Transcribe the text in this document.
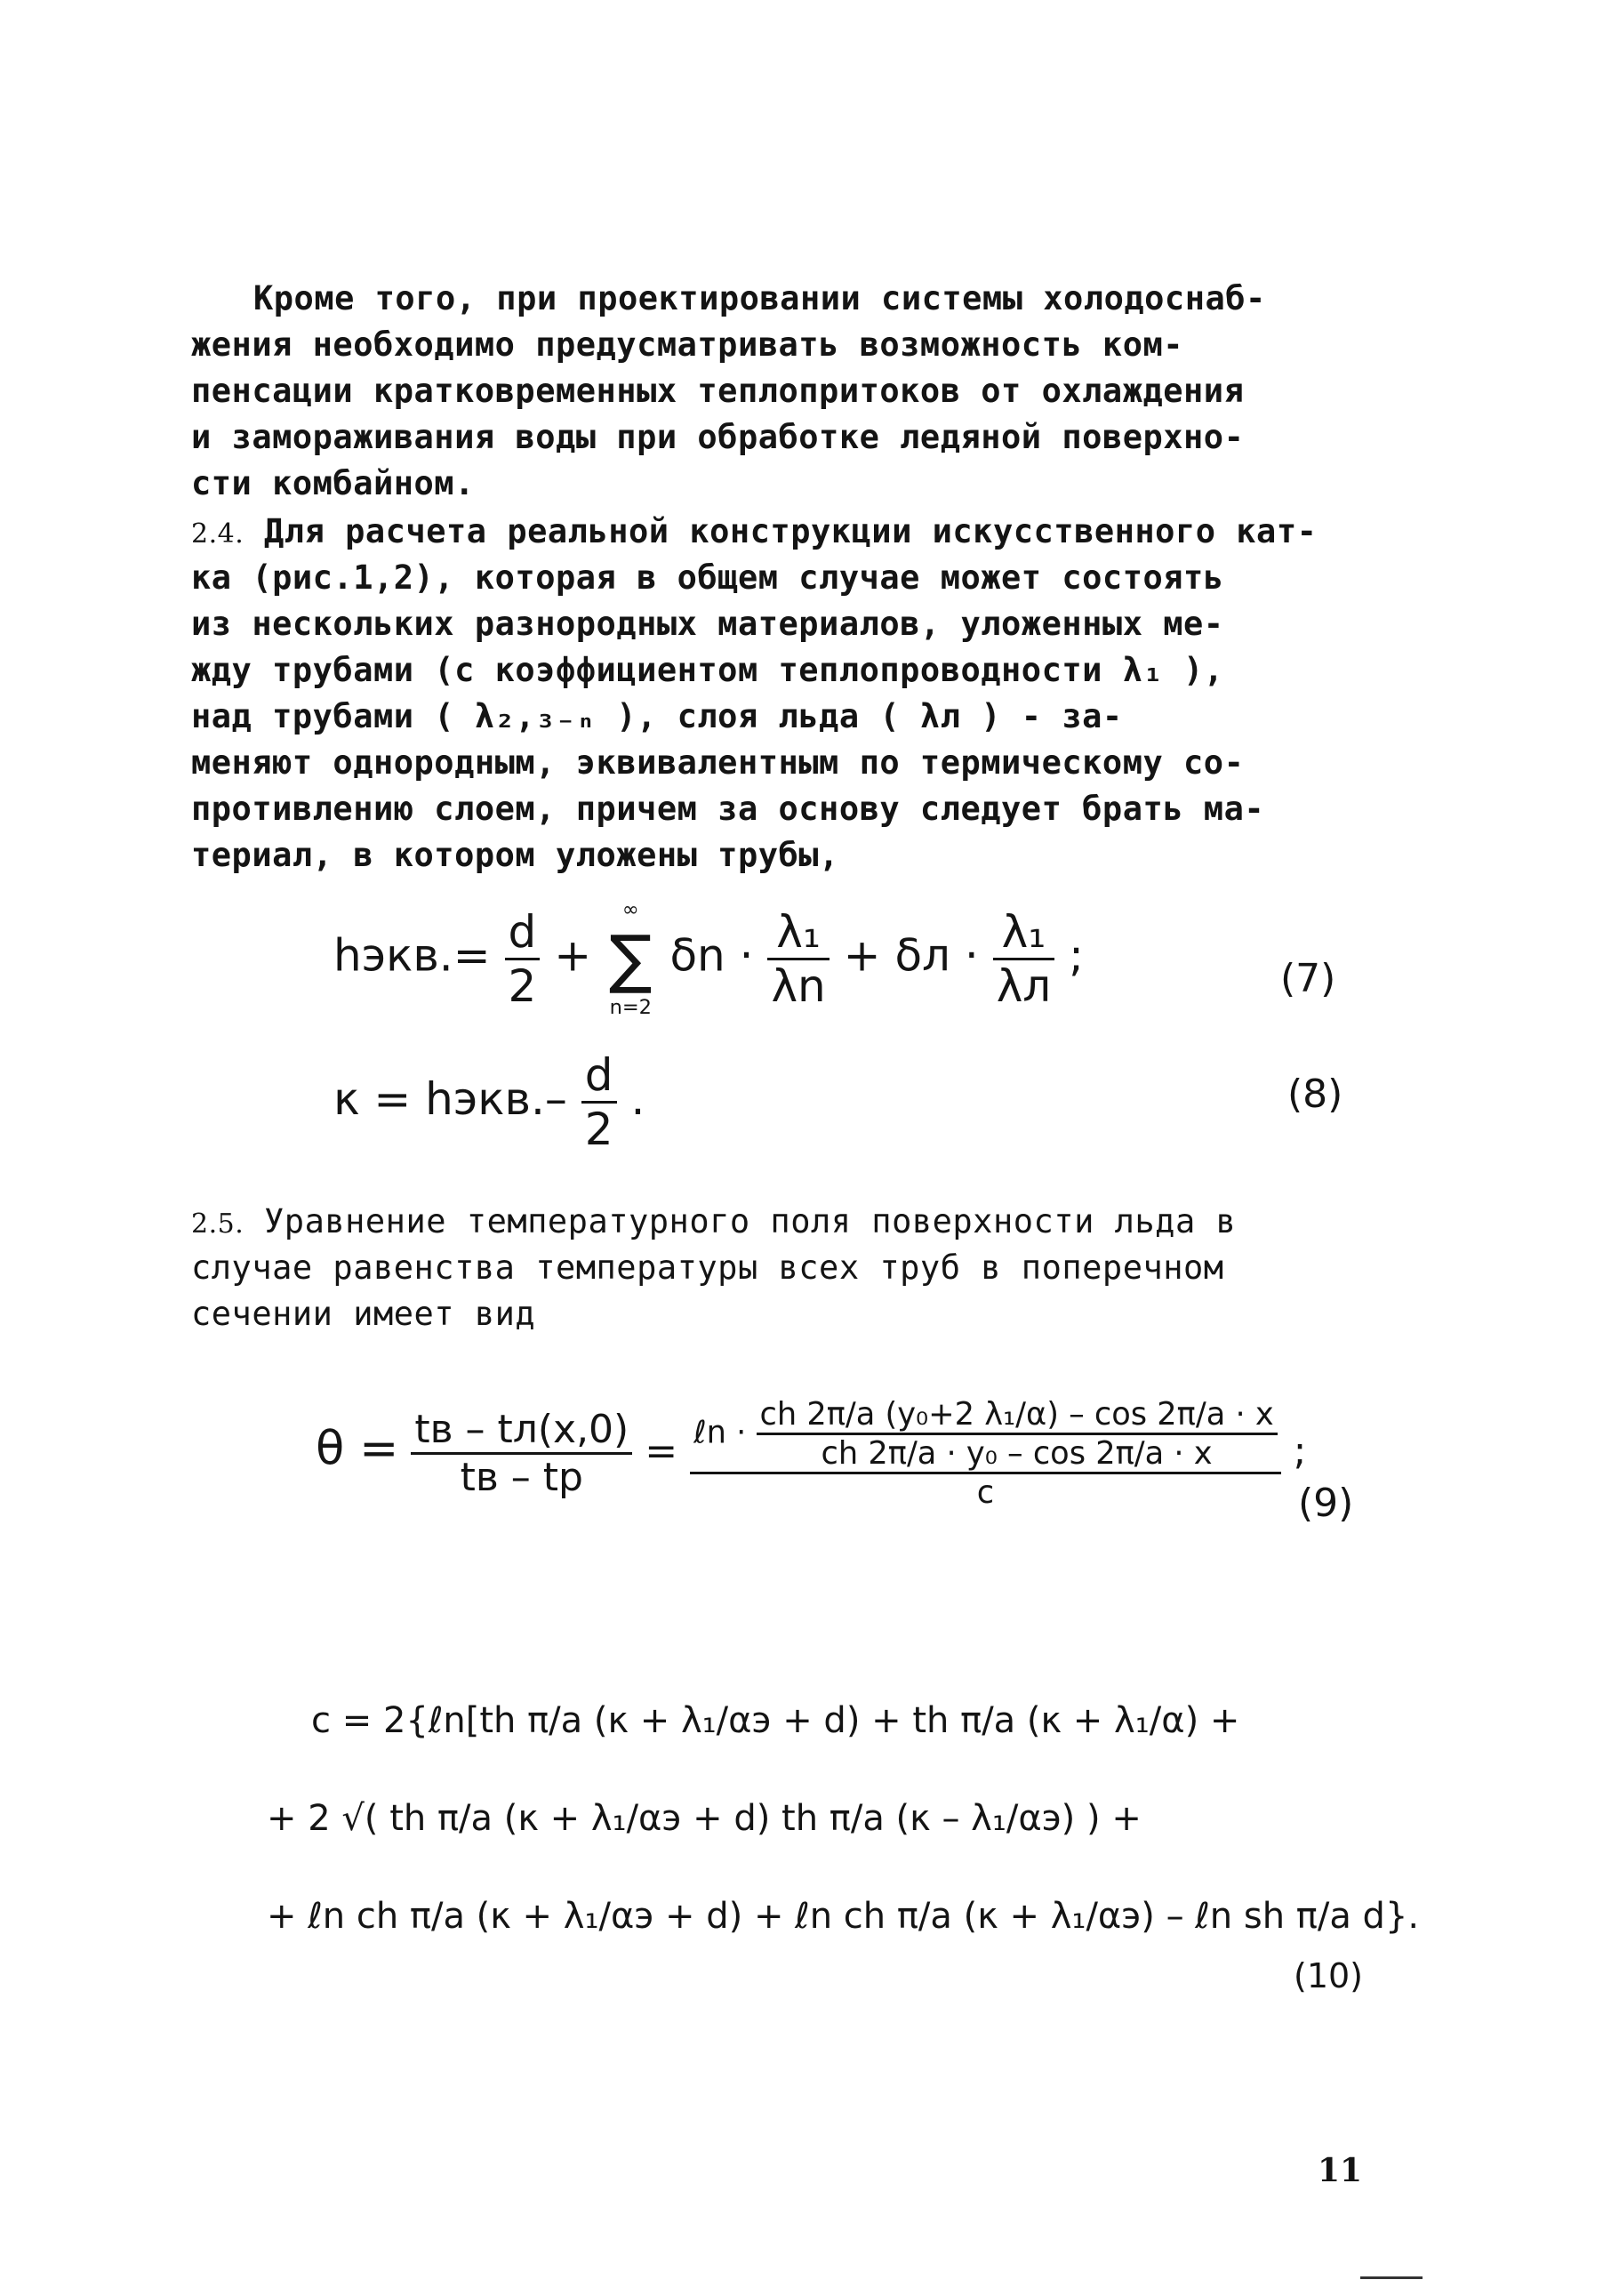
Кроме того, при проектировании системы холодоснаб-
жения необходимо предусматривать возможность ком-
пенсации кратковременных теплопритоков от охлаждения
и замораживания воды при обработке ледяной поверхно-
сти комбайном.
2.4. Для расчета реальной конструкции искусственного кат-
ка (рис.1,2), которая в общем случае может состоять
из нескольких разнородных материалов, уложенных ме-
жду трубами (с коэффициентом теплопроводности λ₁ ),
над трубами ( λ₂,₃₋ₙ ), слоя льда ( λл ) - за-
меняют однородным, эквивалентным по термическому со-
противлению слоем, причем за основу следует брать ма-
териал, в котором уложены трубы,
hэкв.= $\frac{d}{2}$ +
∞
∑
n=2
$\delta n \cdot \frac{\text{λ₁}}{\lambda n} + \delta л \cdot \frac{\text{λ₁}}{\lambda л}$ ;	(7)
κ = hэкв.– $\frac{d}{2}$ .	(8)
2.5. Уравнение температурного поля поверхности льда в
случае равенства температуры всех труб в поперечном
сечении имеет вид
$\theta = \frac{tв - tл(x,0)}{tв - tр}$ = ℓn · $\frac{\text{ch 2π/a (y₀+2 λ₁/α) – cos 2π/a · x}}{\text{ch 2π/a · y₀ – cos 2π/a · x}}$
c
;
(9)
c = 2{ℓn[th π/a (κ + λ₁/αэ + d) + th π/a (κ + λ₁/α) +
+ 2 √( th π/a (κ + λ₁/αэ + d) th π/a (κ – λ₁/αэ) ) +
+ ℓn ch π/a (κ + λ₁/αэ + d) + ℓn ch π/a (κ + λ₁/αэ) – ℓn sh π/a d}.
(10)
11
